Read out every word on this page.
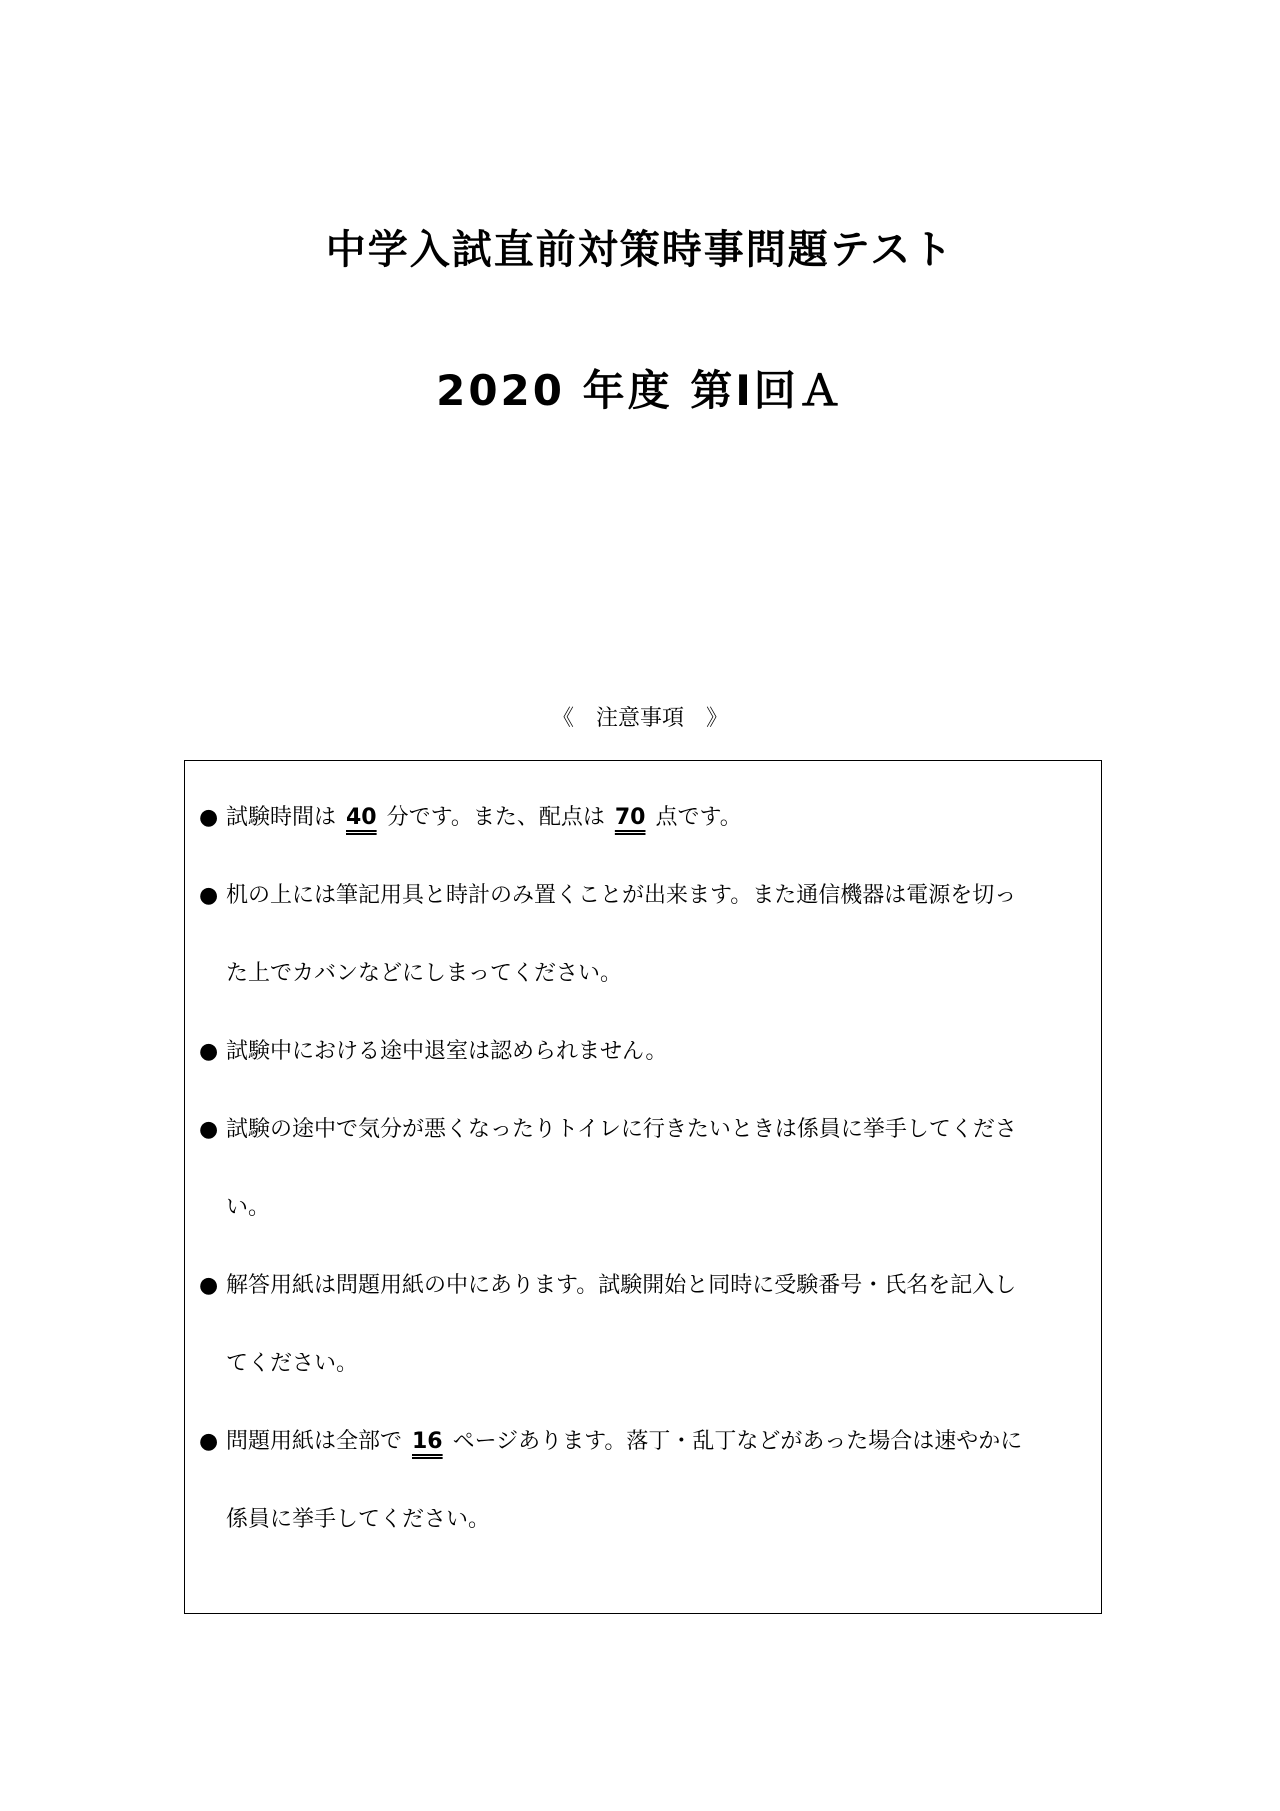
中学入試直前対策時事問題テスト
2020 年度 第Ⅰ回Ａ
《　注意事項　》
● 試験時間は 40 分です。また、配点は 70 点です。
● 机の上には筆記用具と時計のみ置くことが出来ます。また通信機器は電源を切っ
た上でカバンなどにしまってください。
● 試験中における途中退室は認められません。
● 試験の途中で気分が悪くなったりトイレに行きたいときは係員に挙手してくださ
い。
● 解答用紙は問題用紙の中にあります。試験開始と同時に受験番号・氏名を記入し
てください。
● 問題用紙は全部で 16 ページあります。落丁・乱丁などがあった場合は速やかに
係員に挙手してください。
